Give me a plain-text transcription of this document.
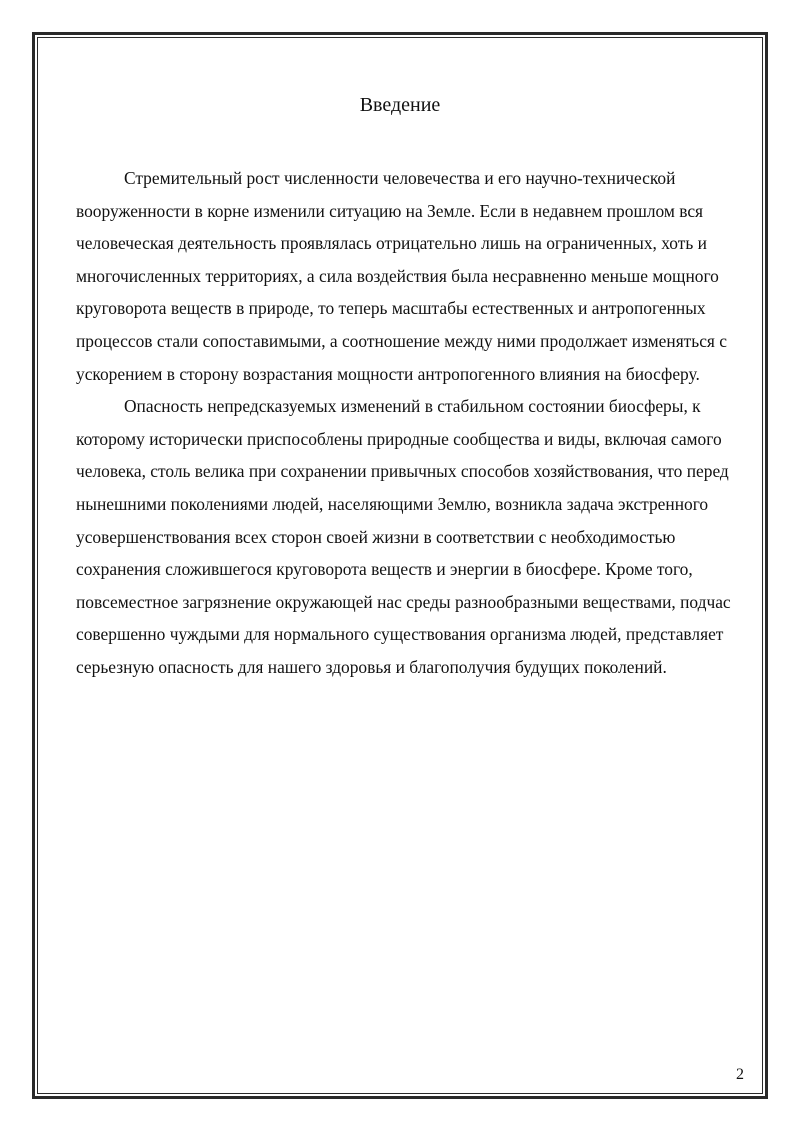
Введение

Стремительный рост численности человечества и его научно-технической вооруженности в корне изменили ситуацию на Земле. Если в недавнем прошлом вся человеческая деятельность проявлялась отрицательно лишь на ограниченных, хоть и многочисленных территориях, а сила воздействия была несравненно меньше мощного круговорота веществ в природе, то теперь масштабы естественных и антропогенных процессов стали сопоставимыми, а соотношение между ними продолжает изменяться с ускорением в сторону возрастания мощности антропогенного влияния на биосферу.

Опасность непредсказуемых изменений в стабильном состоянии биосферы, к которому исторически приспособлены природные сообщества и виды, включая самого человека, столь велика при сохранении привычных способов хозяйствования, что перед нынешними поколениями людей, населяющими Землю, возникла задача экстренного усовершенствования всех сторон своей жизни в соответствии с необходимостью сохранения сложившегося круговорота веществ и энергии в биосфере. Кроме того, повсеместное загрязнение окружающей нас среды разнообразными веществами, подчас совершенно чуждыми для нормального существования организма людей, представляет серьезную опасность для нашего здоровья и благополучия будущих поколений.

2
